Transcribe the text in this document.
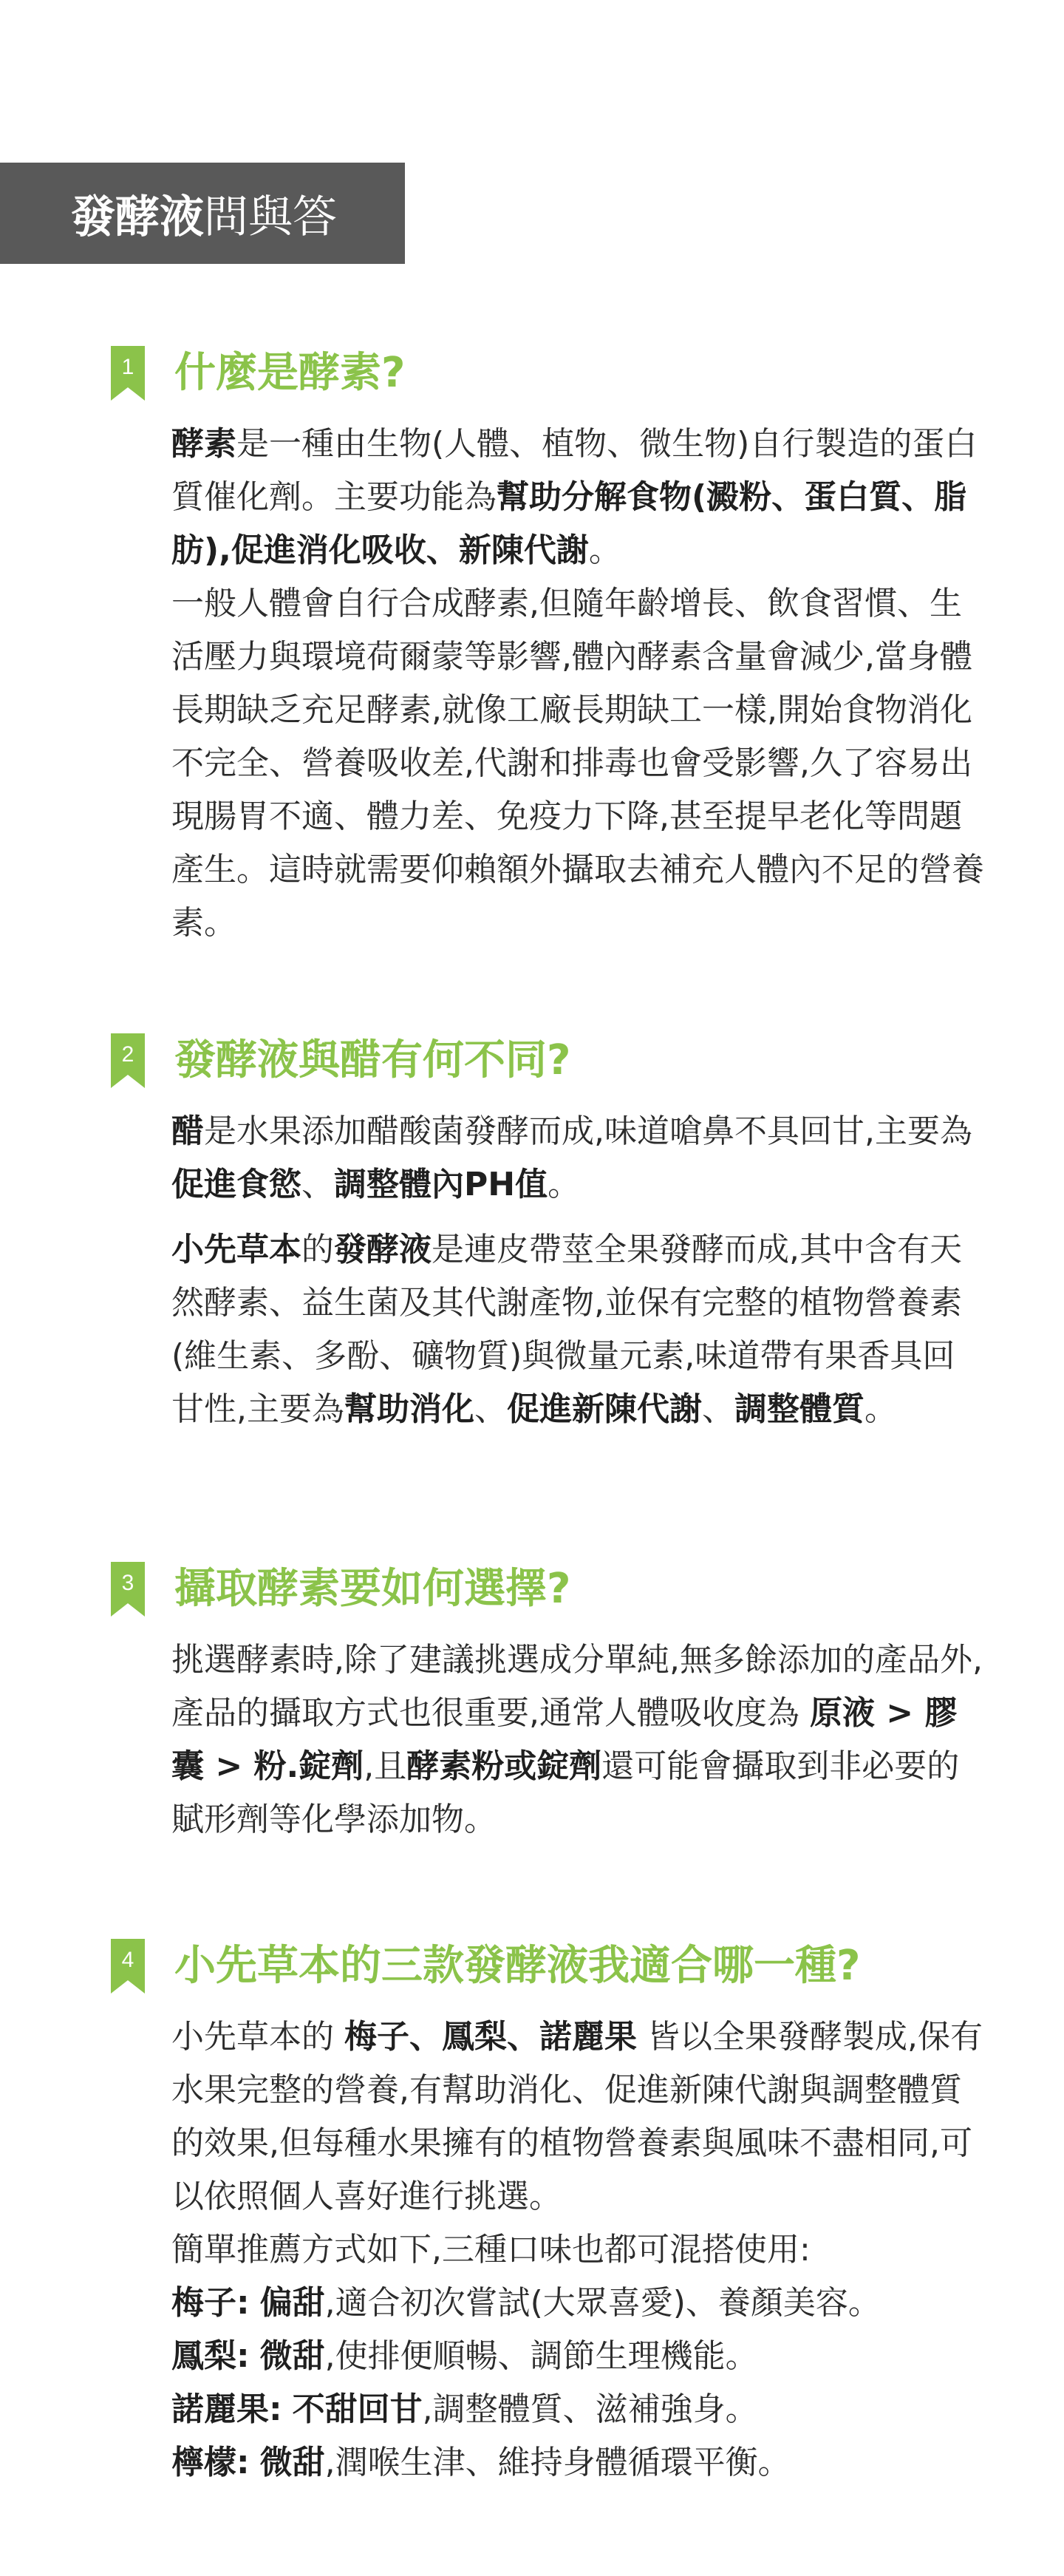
發酵液 問與答
1 什麼是酵素?

酵素是一種由生物(人體、植物、微生物)自行製造的蛋白質催化劑。主要功能為幫助分解食物(澱粉、蛋白質、脂肪),促進消化吸收、新陳代謝。

一般人體會自行合成酵素,但隨年齡增長、飲食習慣、生活壓力與環境荷爾蒙等影響,體內酵素含量會減少,當身體長期缺乏充足酵素,就像工廠長期缺工一樣,開始食物消化不完全、營養吸收差,代謝和排毒也會受影響,久了容易出現腸胃不適、體力差、免疫力下降,甚至提早老化等問題產生。這時就需要仰賴額外攝取去補充人體內不足的營養素。

2 發酵液與醋有何不同?

醋是水果添加醋酸菌發酵而成,味道嗆鼻不具回甘,主要為促進食慾、調整體內PH值。

小先草本的發酵液是連皮帶莖全果發酵而成,其中含有天然酵素、益生菌及其代謝產物,並保有完整的植物營養素(維生素、多酚、礦物質)與微量元素,味道帶有果香具回甘性,主要為幫助消化、促進新陳代謝、調整體質。

3 攝取酵素要如何選擇?

挑選酵素時,除了建議挑選成分單純,無多餘添加的產品外,產品的攝取方式也很重要,通常人體吸收度為 原液 > 膠囊 > 粉.錠劑,且酵素粉或錠劑還可能會攝取到非必要的賦形劑等化學添加物。

4 小先草本的三款發酵液我適合哪一種?

小先草本的 梅子、鳳梨、諾麗果 皆以全果發酵製成,保有水果完整的營養,有幫助消化、促進新陳代謝與調整體質的效果,但每種水果擁有的植物營養素與風味不盡相同,可以依照個人喜好進行挑選。

簡單推薦方式如下,三種口味也都可混搭使用:

梅子: 偏甜,適合初次嘗試(大眾喜愛)、養顏美容。

鳳梨: 微甜,使排便順暢、調節生理機能。

諾麗果: 不甜回甘,調整體質、滋補強身。

檸檬: 微甜,潤喉生津、維持身體循環平衡。
